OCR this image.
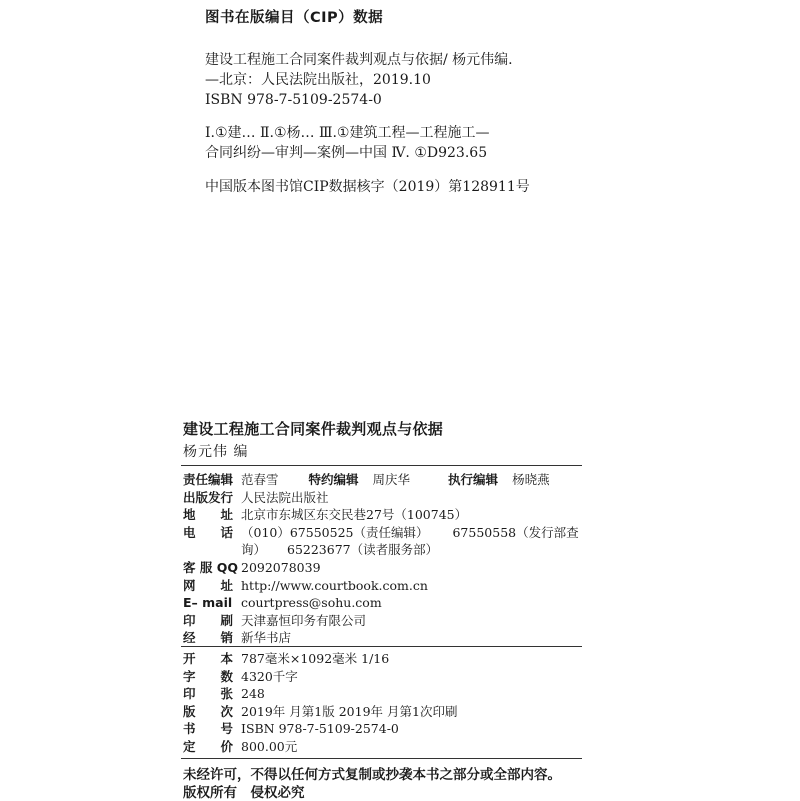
图书在版编目（CIP）数据
建设工程施工合同案件裁判观点与依据/ 杨元伟编.
—北京：人民法院出版社，2019.10
ISBN 978-7-5109-2574-0
Ⅰ.①建… Ⅱ.①杨… Ⅲ.①建筑工程—工程施工—
合同纠纷—审判—案例—中国 Ⅳ. ①D923.65
中国版本图书馆CIP数据核字（2019）第128911号
建设工程施工合同案件裁判观点与依据
杨元伟 编
责任编辑 范春雪 特约编辑 周庆华	执行编辑 杨晓燕
出版发行 人民法院出版社
地　　址 北京市东城区东交民巷27号（100745）
电　　话 （010）67550525（责任编辑） 67550558（发行部查询）	65223677（读者服务部）
客 服 QQ 2092078039
网　　址 http://www.courtbook.com.cn
E– mail courtpress@sohu.com
印　　刷 天津嘉恒印务有限公司
经　　销 新华书店
开　　本 787毫米×1092毫米 1/16
字　　数 4320千字
印　　张 248
版　　次 2019年 月第1版 2019年 月第1次印刷
书　　号 ISBN 978-7-5109-2574-0
定　　价 800.00元
未经许可，不得以任何方式复制或抄袭本书之部分或全部内容。
版权所有　侵权必究
